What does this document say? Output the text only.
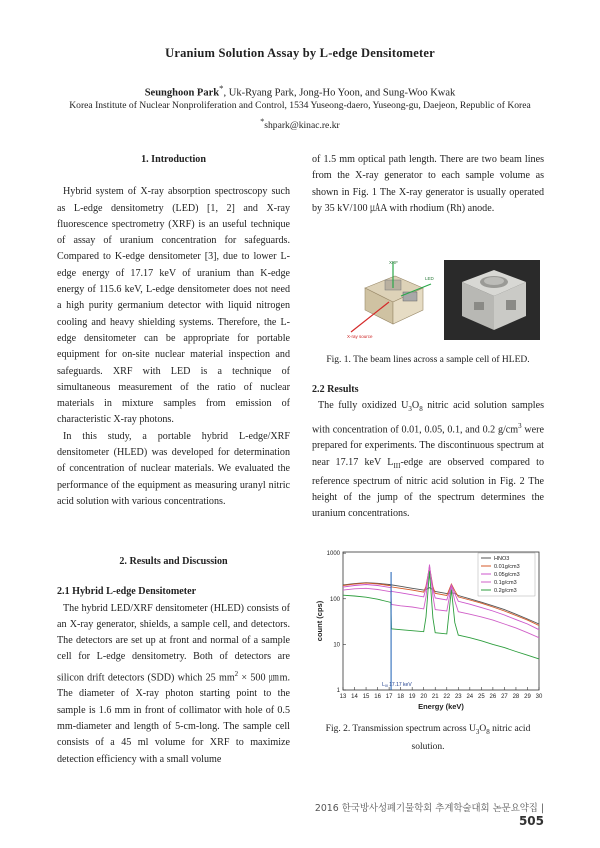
Uranium Solution Assay by L-edge Densitometer
Seunghoon Park*, Uk-Ryang Park, Jong-Ho Yoon, and Sung-Woo Kwak
Korea Institute of Nuclear Nonproliferation and Control, 1534 Yuseong-daero, Yuseong-gu, Daejeon, Republic of Korea
*shpark@kinac.re.kr

1. Introduction

Hybrid system of X-ray absorption spectroscopy such as L-edge densitometry (LED) [1, 2] and X-ray fluorescence spectrometry (XRF) is an useful technique of assay of uranium concentration for safeguards. Compared to K-edge densitometer [3], due to lower L-edge energy of 17.17 keV of uranium than K-edge energy of 115.6 keV, L-edge densitometer does not need a high purity germanium detector with liquid nitrogen cooling and heavy shielding systems. Therefore, the L-edge densitometer can be appropriate for portable equipment for on-site nuclear material inspection and safeguards. XRF with LED is a technique of simultaneous measurement of the ratio of nuclear materials in mixture samples from emission of characteristic X-ray photons.

In this study, a portable hybrid L-edge/XRF densitometer (HLED) was developed for determination of concentration of nuclear materials. We evaluated the performance of the equipment as measuring uranyl nitric acid solution with various concentrations.

2. Results and Discussion

2.1 Hybrid L-edge Densitometer

The hybrid LED/XRF densitometer (HLED) consists of an X-ray generator, shields, a sample cell, and detectors. The detectors are set up at front and normal of a sample cell for L-edge densitometry. Both of detectors are silicon drift detectors (SDD) which 25 $mm^2 \times 500$ ㎛m. The diameter of X-ray photon starting point to the sample is 1.6 mm in front of collimator with hole of 0.5 mm-diameter and length of 5-cm-long. The sample cell consists of a 45 ml volume for XRF to maximize detection efficiency with a small volume

of 1.5 mm optical path length. There are two beam lines from the X-ray generator to each sample volume as shown in Fig. 1 The X-ray generator is usually operated by 35 kV/100 ㎂A with rhodium (Rh) anode.

XRF
LED
X-ray source
Fig. 1. The beam lines across a sample cell of HLED.

2.2 Results

The fully oxidized $U_3O_8$ nitric acid solution samples with concentration of 0.01, 0.05, 0.1, and 0.2 $g/cm^3$ were prepared for experiments. The discontinuous spectrum at near 17.17 keV $L_{III}$-edge are observed compared to reference spectrum of nitric acid solution in Fig. 2 The height of the jump of the spectrum determines the uranium concentrations.

13 14 15 16 17 18 19 20 21 22 23 24 25 26 27 28 29 30
1
10
100
1000
Energy (keV)
count (cps)
$L_{III}$ 17.17 keV
HNO3
0.01g/cm3
0.05g/cm3
0.1g/cm3
0.2g/cm3
Fig. 2. Transmission spectrum across $U_3O_8$ nitric acid
solution.
2016 한국방사성폐기물학회 추계학술대회 논문요약집 | 505
